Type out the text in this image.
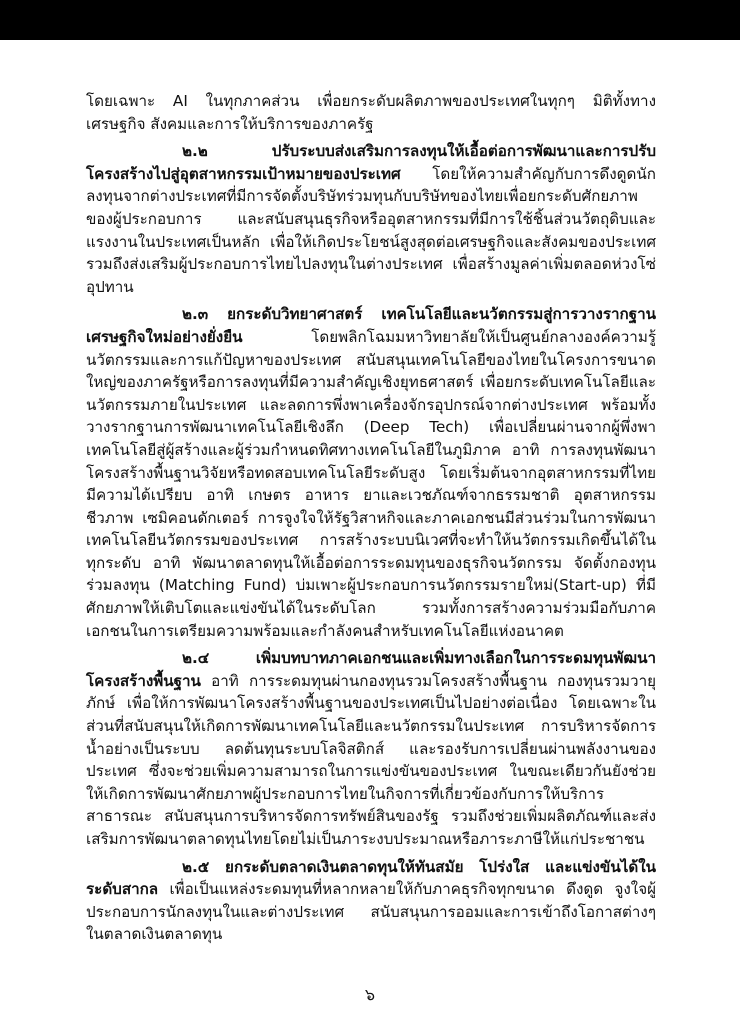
โดยเฉพาะ AI ในทุกภาคส่วน เพื่อยกระดับผลิตภาพของประเทศในทุกๆ มิติทั้งทางเศรษฐกิจ สังคมและการให้บริการของภาครัฐ

๒.๒ ปรับระบบส่งเสริมการลงทุนให้เอื้อต่อการพัฒนาและการปรับโครงสร้างไปสู่อุตสาหกรรมเป้าหมายของประเทศ โดยให้ความสำคัญกับการดึงดูดนักลงทุนจากต่างประเทศที่มีการจัดตั้งบริษัทร่วมทุนกับบริษัทของไทยเพื่อยกระดับศักยภาพของผู้ประกอบการ และสนับสนุนธุรกิจหรืออุตสาหกรรมที่มีการใช้ชิ้นส่วนวัตถุดิบและแรงงานในประเทศเป็นหลัก เพื่อให้เกิดประโยชน์สูงสุดต่อเศรษฐกิจและสังคมของประเทศ รวมถึงส่งเสริมผู้ประกอบการไทยไปลงทุนในต่างประเทศ เพื่อสร้างมูลค่าเพิ่มตลอดห่วงโซ่อุปทาน

๒.๓ ยกระดับวิทยาศาสตร์ เทคโนโลยีและนวัตกรรมสู่การวางรากฐานเศรษฐกิจใหม่อย่างยั่งยืน โดยพลิกโฉมมหาวิทยาลัยให้เป็นศูนย์กลางองค์ความรู้ นวัตกรรมและการแก้ปัญหาของประเทศ สนับสนุนเทคโนโลยีของไทยในโครงการขนาดใหญ่ของภาครัฐหรือการลงทุนที่มีความสำคัญเชิงยุทธศาสตร์ เพื่อยกระดับเทคโนโลยีและนวัตกรรมภายในประเทศ และลดการพึ่งพาเครื่องจักรอุปกรณ์จากต่างประเทศ พร้อมทั้งวางรากฐานการพัฒนาเทคโนโลยีเชิงลึก (Deep Tech) เพื่อเปลี่ยนผ่านจากผู้พึ่งพาเทคโนโลยีสู่ผู้สร้างและผู้ร่วมกำหนดทิศทางเทคโนโลยีในภูมิภาค อาทิ การลงทุนพัฒนาโครงสร้างพื้นฐานวิจัยหรือทดสอบเทคโนโลยีระดับสูง โดยเริ่มต้นจากอุตสาหกรรมที่ไทยมีความได้เปรียบ อาทิ เกษตร อาหาร ยาและเวชภัณฑ์จากธรรมชาติ อุตสาหกรรมชีวภาพ เซมิคอนดักเตอร์ การจูงใจให้รัฐวิสาหกิจและภาคเอกชนมีส่วนร่วมในการพัฒนาเทคโนโลยีนวัตกรรมของประเทศ การสร้างระบบนิเวศที่จะทำให้นวัตกรรมเกิดขึ้นได้ในทุกระดับ อาทิ พัฒนาตลาดทุนให้เอื้อต่อการระดมทุนของธุรกิจนวัตกรรม จัดตั้งกองทุนร่วมลงทุน (Matching Fund) บ่มเพาะผู้ประกอบการนวัตกรรมรายใหม่(Start-up) ที่มีศักยภาพให้เติบโตและแข่งขันได้ในระดับโลก รวมทั้งการสร้างความร่วมมือกับภาคเอกชนในการเตรียมความพร้อมและกำลังคนสำหรับเทคโนโลยีแห่งอนาคต

๒.๔ เพิ่มบทบาทภาคเอกชนและเพิ่มทางเลือกในการระดมทุนพัฒนาโครงสร้างพื้นฐาน อาทิ การระดมทุนผ่านกองทุนรวมโครงสร้างพื้นฐาน กองทุนรวมวายุภักษ์ เพื่อให้การพัฒนาโครงสร้างพื้นฐานของประเทศเป็นไปอย่างต่อเนื่อง โดยเฉพาะในส่วนที่สนับสนุนให้เกิดการพัฒนาเทคโนโลยีและนวัตกรรมในประเทศ การบริหารจัดการน้ำอย่างเป็นระบบ ลดต้นทุนระบบโลจิสติกส์ และรองรับการเปลี่ยนผ่านพลังงานของประเทศ ซึ่งจะช่วยเพิ่มความสามารถในการแข่งขันของประเทศ ในขณะเดียวกันยังช่วยให้เกิดการพัฒนาศักยภาพผู้ประกอบการไทยในกิจการที่เกี่ยวข้องกับการให้บริการสาธารณะ สนับสนุนการบริหารจัดการทรัพย์สินของรัฐ รวมถึงช่วยเพิ่มผลิตภัณฑ์และส่งเสริมการพัฒนาตลาดทุนไทยโดยไม่เป็นภาระงบประมาณหรือภาระภาษีให้แก่ประชาชน

๒.๕ ยกระดับตลาดเงินตลาดทุนให้ทันสมัย โปร่งใส และแข่งขันได้ในระดับสากล เพื่อเป็นแหล่งระดมทุนที่หลากหลายให้กับภาคธุรกิจทุกขนาด ดึงดูด จูงใจผู้ประกอบการนักลงทุนในและต่างประเทศ สนับสนุนการออมและการเข้าถึงโอกาสต่างๆ ในตลาดเงินตลาดทุน

๖
